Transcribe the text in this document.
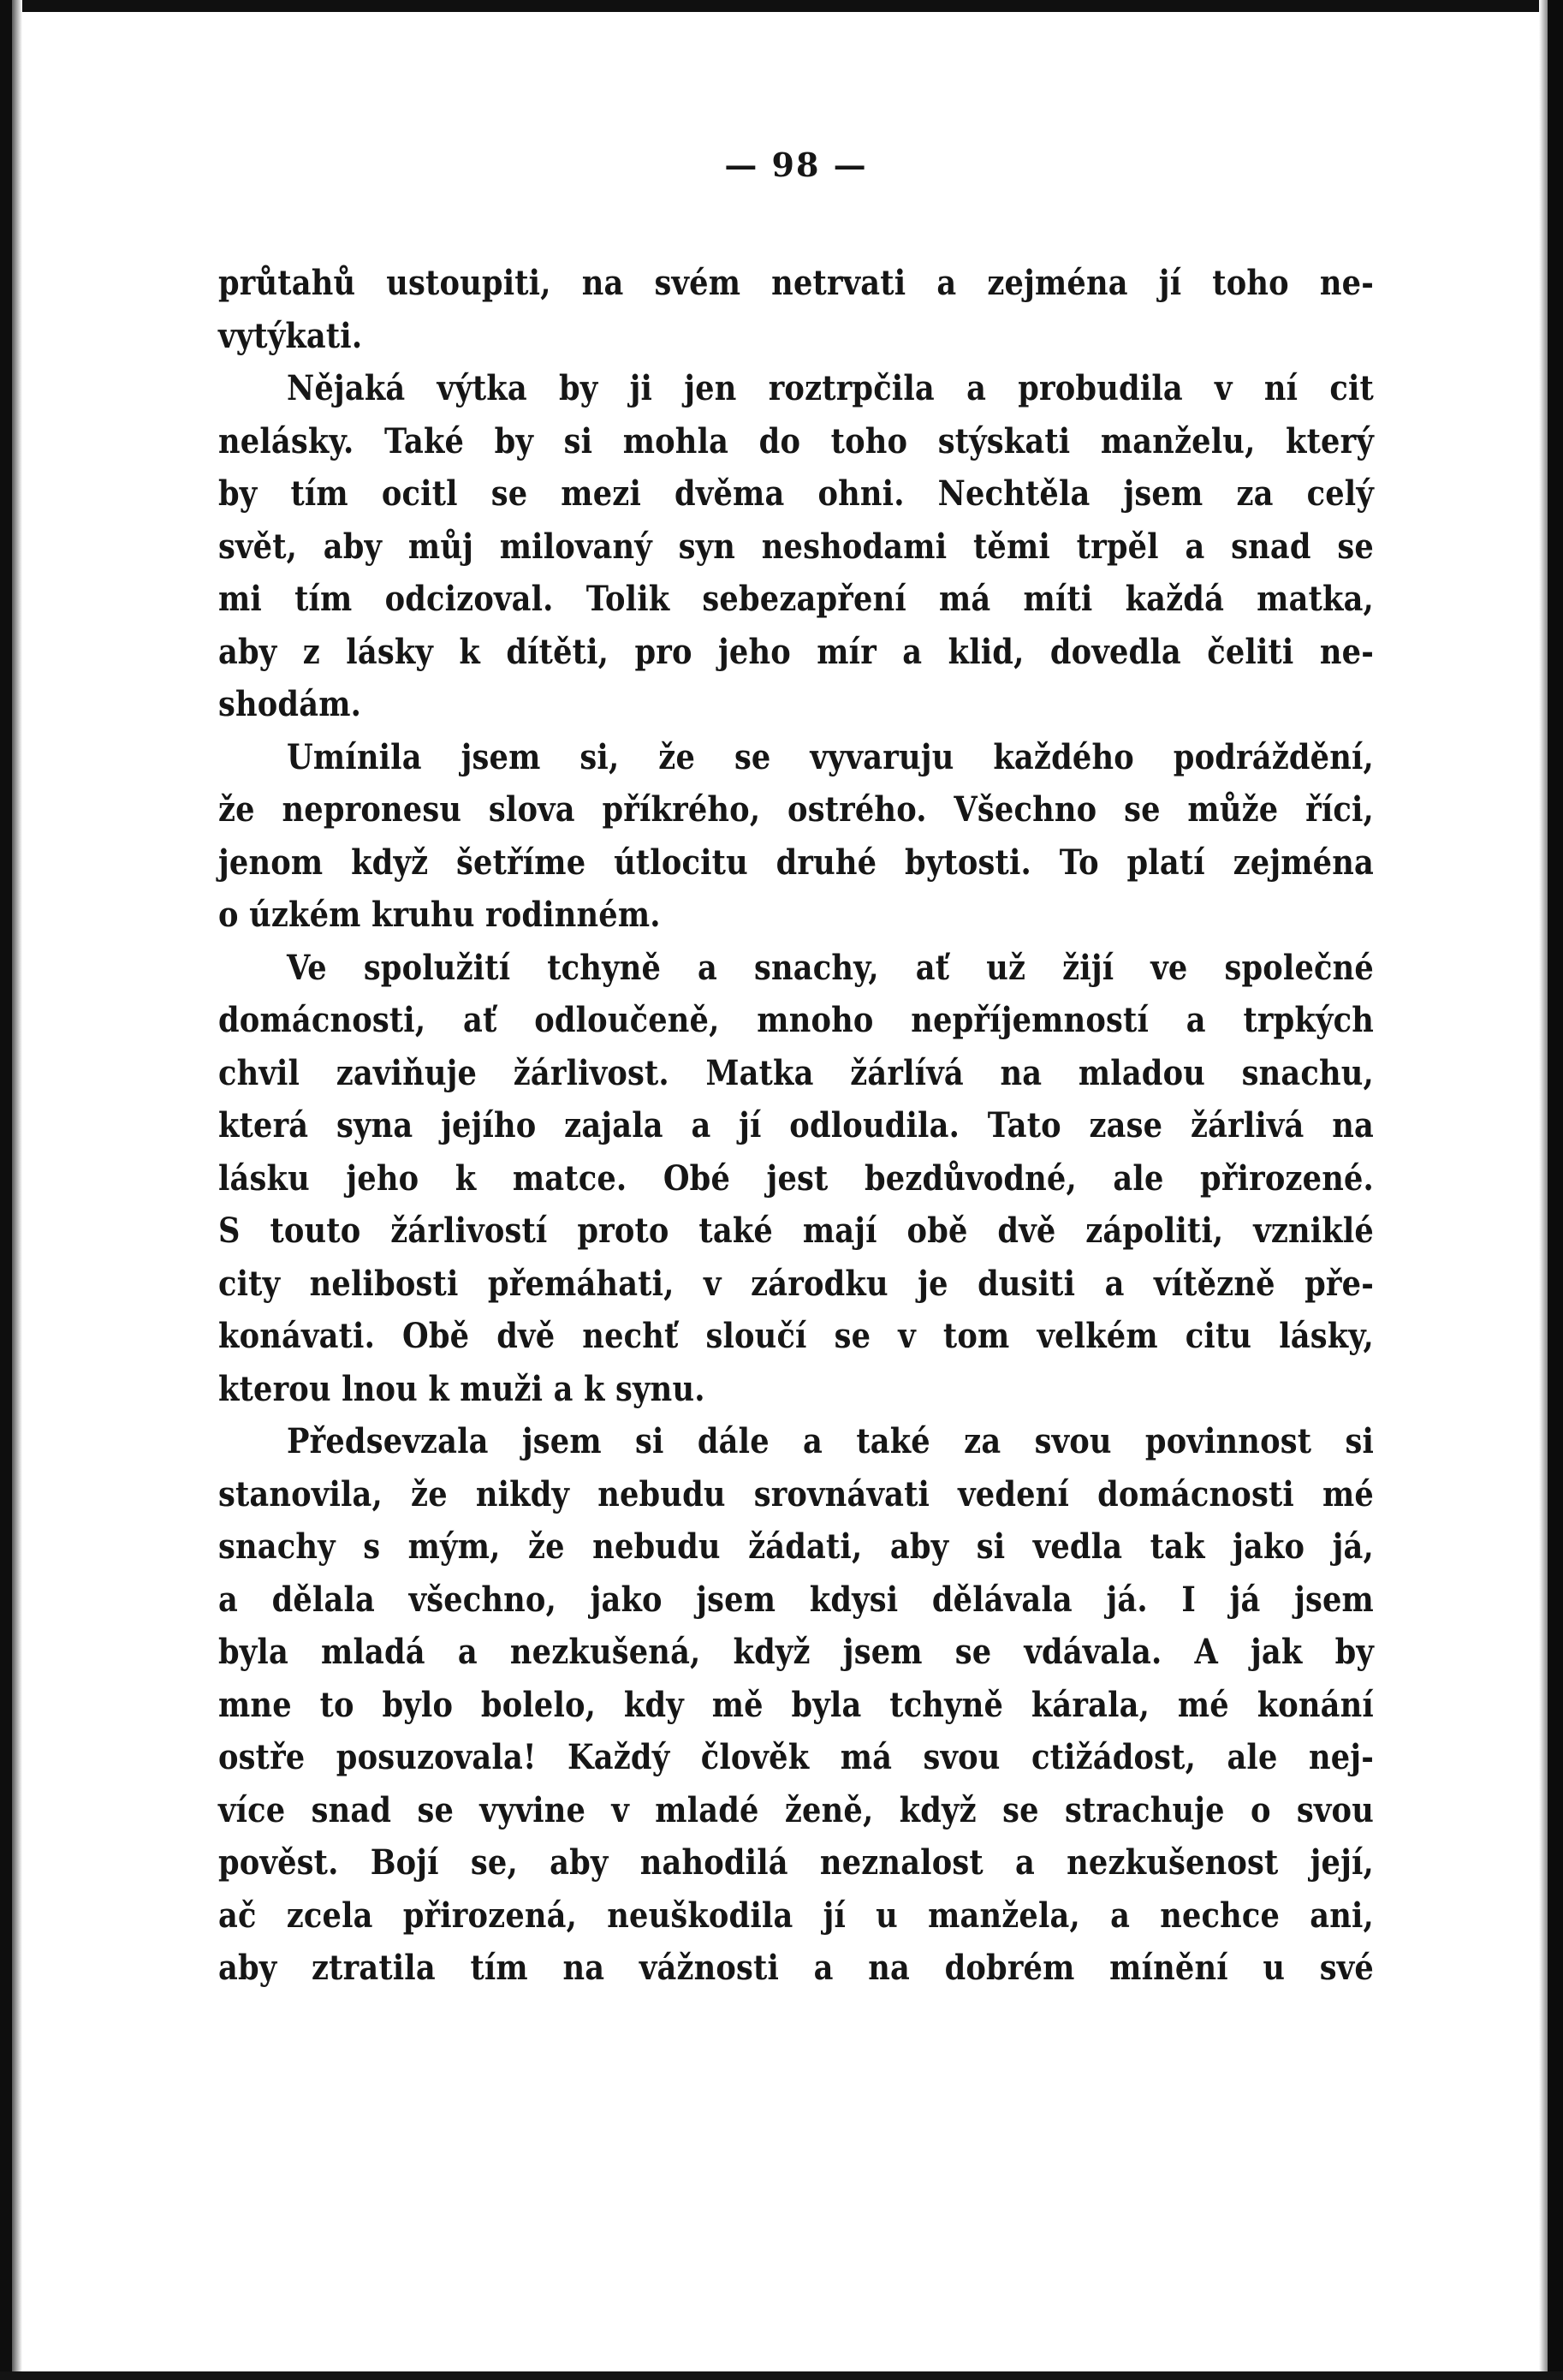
— 98 —
průtahů ustoupiti, na svém netrvati a zejména jí toho ne-
vytýkati.
Nějaká výtka by ji jen roztrpčila a probudila v ní cit
nelásky. Také by si mohla do toho stýskati manželu, který
by tím ocitl se mezi dvěma ohni. Nechtěla jsem za celý
svět, aby můj milovaný syn neshodami těmi trpěl a snad se
mi tím odcizoval. Tolik sebezapření má míti každá matka,
aby z lásky k dítěti, pro jeho mír a klid, dovedla čeliti ne-
shodám.
Umínila jsem si, že se vyvaruju každého podráždění,
že nepronesu slova příkrého, ostrého. Všechno se může říci,
jenom když šetříme útlocitu druhé bytosti. To platí zejména
o úzkém kruhu rodinném.
Ve spolužití tchyně a snachy, ať už žijí ve společné
domácnosti, ať odloučeně, mnoho nepříjemností a trpkých
chvil zaviňuje žárlivost. Matka žárlívá na mladou snachu,
která syna jejího zajala a jí odloudila. Tato zase žárlivá na
lásku jeho k matce. Obé jest bezdůvodné, ale přirozené.
S touto žárlivostí proto také mají obě dvě zápoliti, vzniklé
city nelibosti přemáhati, v zárodku je dusiti a vítězně pře-
konávati. Obě dvě nechť sloučí se v tom velkém citu lásky,
kterou lnou k muži a k synu.
Předsevzala jsem si dále a také za svou povinnost si
stanovila, že nikdy nebudu srovnávati vedení domácnosti mé
snachy s mým, že nebudu žádati, aby si vedla tak jako já,
a dělala všechno, jako jsem kdysi dělávala já. I já jsem
byla mladá a nezkušená, když jsem se vdávala. A jak by
mne to bylo bolelo, kdy mě byla tchyně kárala, mé konání
ostře posuzovala! Každý člověk má svou ctižádost, ale nej-
více snad se vyvine v mladé ženě, když se strachuje o svou
pověst. Bojí se, aby nahodilá neznalost a nezkušenost její,
ač zcela přirozená, neuškodila jí u manžela, a nechce ani,
aby ztratila tím na vážnosti a na dobrém mínění u své
